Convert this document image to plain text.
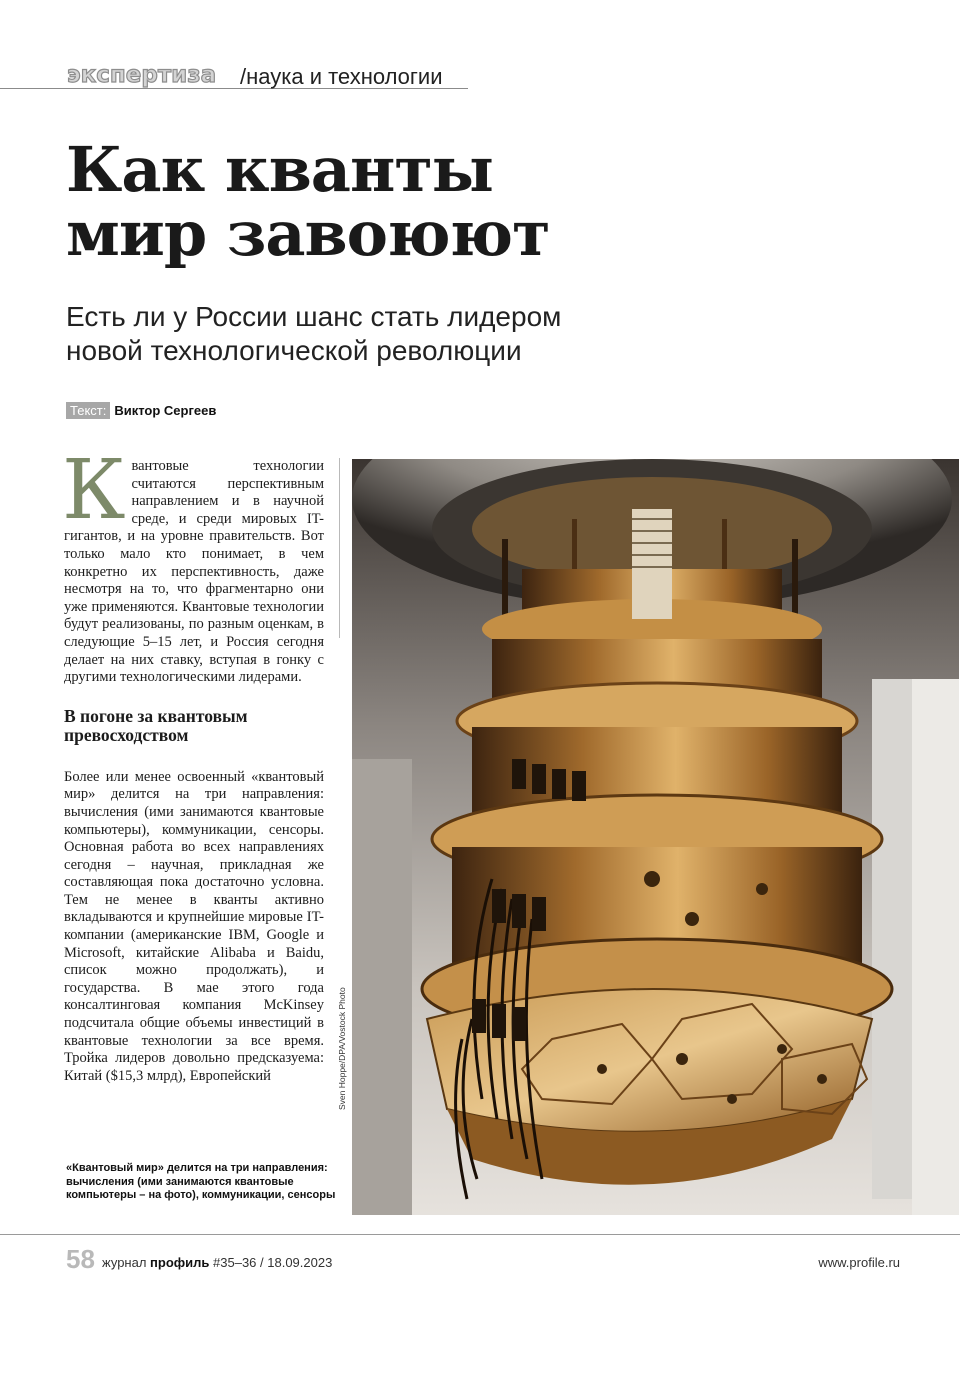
экспертиза /наука и технологии
Как кванты
мир завоюют
Есть ли у России шанс стать лидером
новой технологической революции
Текст: Виктор Сергеев

Квантовые технологии считаются перспективным направлением и в научной среде, и среди мировых IT-гигантов, и на уровне правительств. Вот только мало кто понимает, в чем конкретно их перспективность, даже несмотря на то, что фрагментарно они уже применяются. Квантовые технологии будут реализованы, по разным оценкам, в следующие 5–15 лет, и Россия сегодня делает на них ставку, вступая в гонку с другими технологическими лидерами.

В погоне за квантовым превосходством

Более или менее освоенный «квантовый мир» делится на три направления: вычисления (ими занимаются квантовые компьютеры), коммуникации, сенсоры. Основная работа во всех направлениях сегодня – научная, прикладная же составляющая пока достаточно условна. Тем не менее в кванты активно вкладываются и крупнейшие мировые IT-компании (американские IBM, Google и Microsoft, китайские Alibaba и Baidu, список можно продолжать), и государства. В мае этого года консалтинговая компания McKinsey подсчитала общие объемы инвестиций в квантовые технологии за все время. Тройка лидеров довольно предсказуема: Китай ($15,3 млрд), Европейский	Sven Hoppe/DPA/Vostock Photo
«Квантовый мир» делится на три направления: вычисления (ими занимаются квантовые компьютеры – на фото), коммуникации, сенсоры
58 журнал профиль #35–36 / 18.09.2023	www.profile.ru
